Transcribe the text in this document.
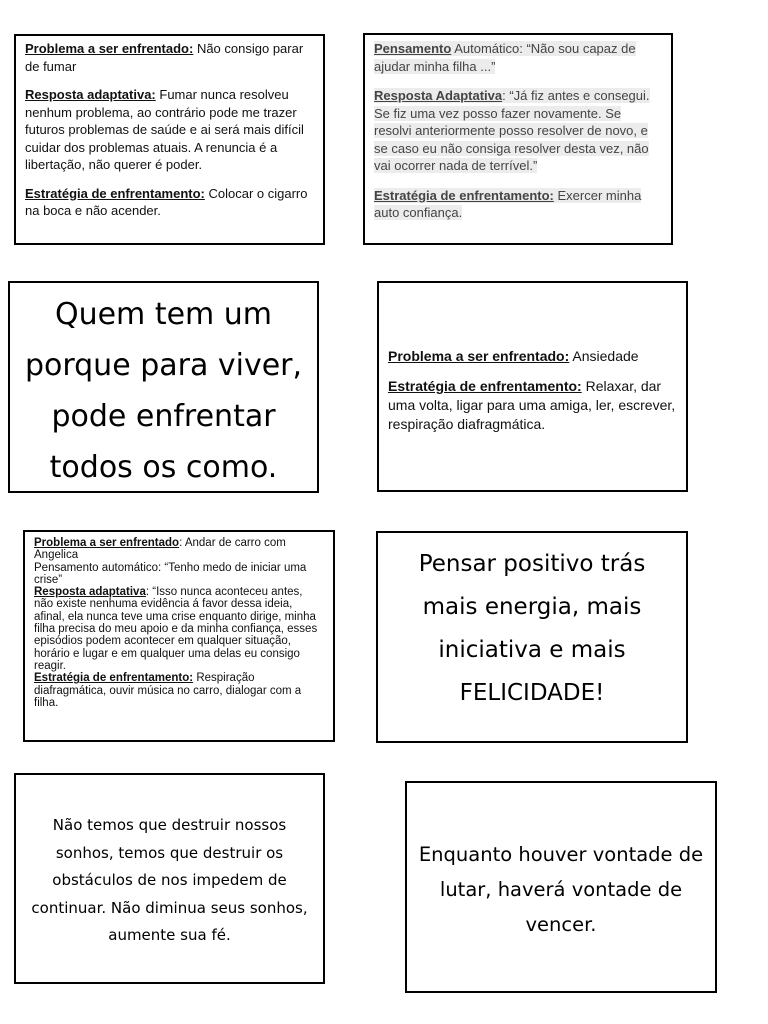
Problema a ser enfrentado: Não consigo parar de fumar

Resposta adaptativa: Fumar nunca resolveu nenhum problema, ao contrário pode me trazer futuros problemas de saúde e ai será mais difícil cuidar dos problemas atuais. A renuncia é a libertação, não querer é poder.

Estratégia de enfrentamento: Colocar o cigarro na boca e não acender.

Pensamento Automático: “Não sou capaz de ajudar minha filha ...”

Resposta Adaptativa: “Já fiz antes e consegui. Se fiz uma vez posso fazer novamente. Se resolvi anteriormente posso resolver de novo, e se caso eu não consiga resolver desta vez, não vai ocorrer nada de terrível.”

Estratégia de enfrentamento: Exercer minha auto confiança.

Quem tem um porque para viver, pode enfrentar todos os como.

Problema a ser enfrentado: Ansiedade

Estratégia de enfrentamento: Relaxar, dar uma volta, ligar para uma amiga, ler, escrever, respiração diafragmática.

Problema a ser enfrentado: Andar de carro com Angelica

Pensamento automático: “Tenho medo de iniciar uma crise”

Resposta adaptativa: “Isso nunca aconteceu antes, não existe nenhuma evidência á favor dessa ideia, afinal, ela nunca teve uma crise enquanto dirige, minha filha precisa do meu apoio e da minha confiança, esses episódios podem acontecer em qualquer situação, horário e lugar e em qualquer uma delas eu consigo reagir.

Estratégia de enfrentamento: Respiração diafragmática, ouvir música no carro, dialogar com a filha.

Pensar positivo trás mais energia, mais iniciativa e mais FELICIDADE!
Não temos que destruir nossos sonhos, temos que destruir os obstáculos de nos impedem de continuar. Não diminua seus sonhos, aumente sua fé.
Enquanto houver vontade de lutar, haverá vontade de vencer.
